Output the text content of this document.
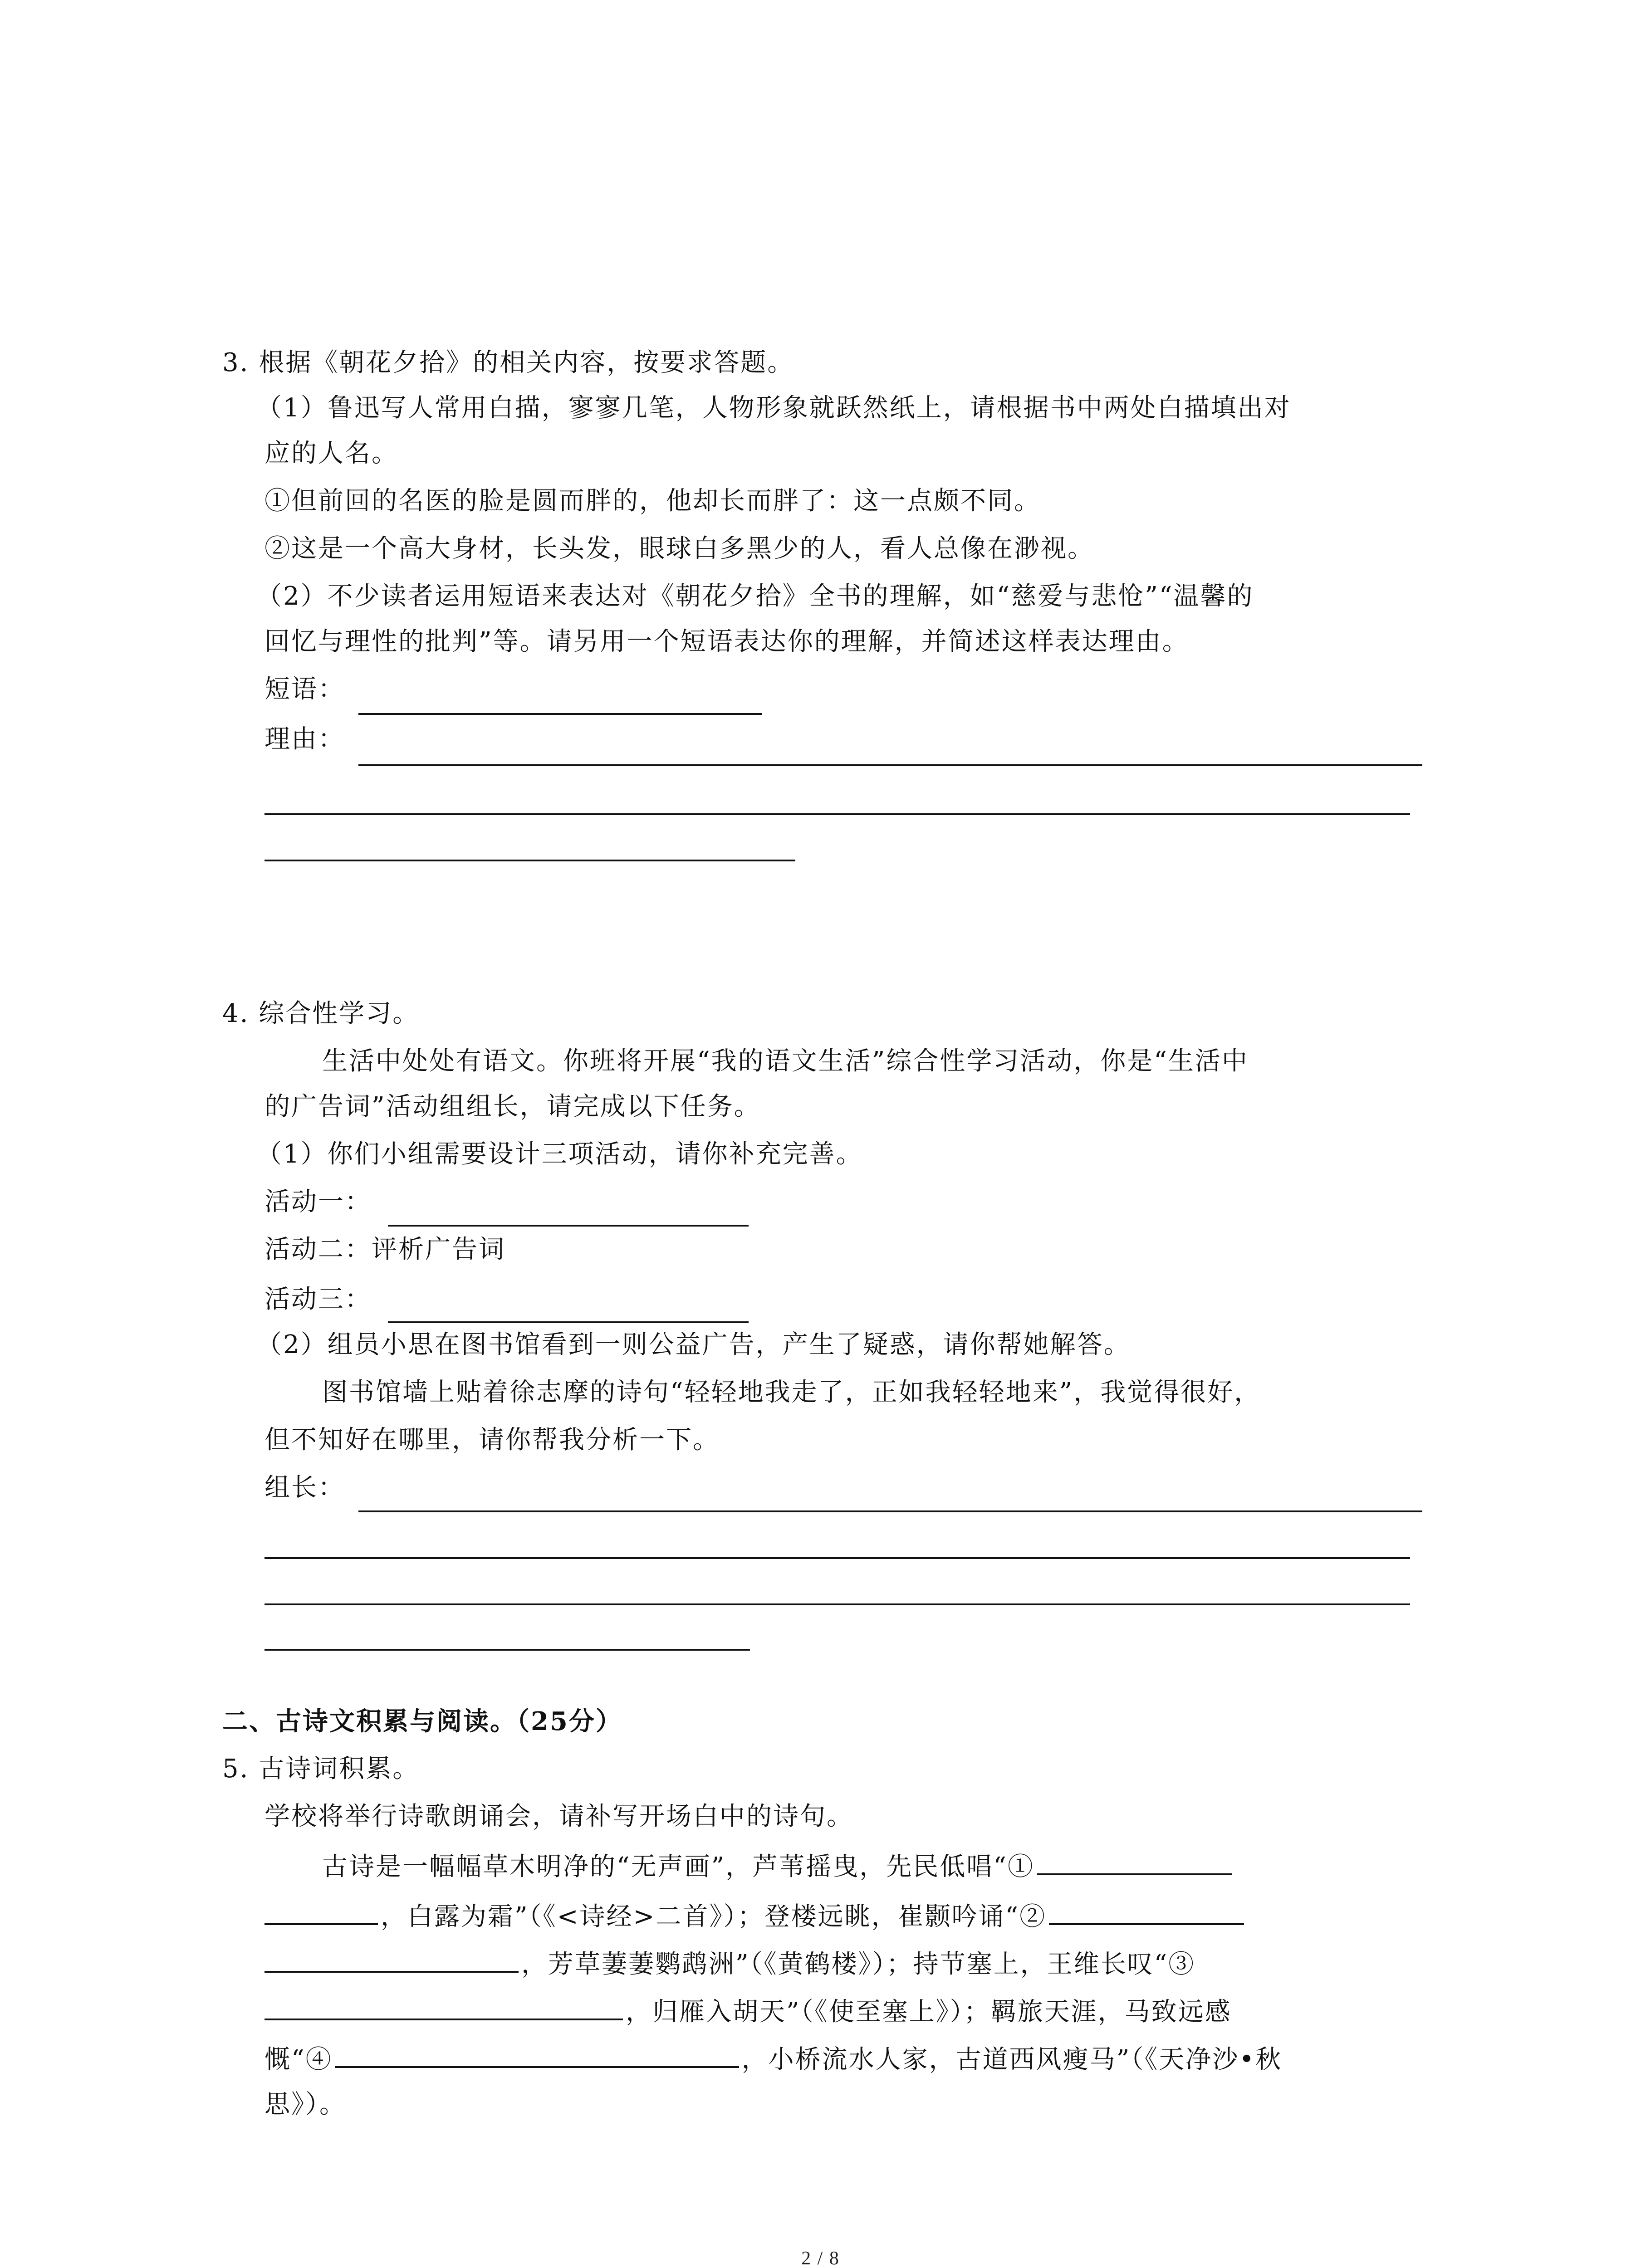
3. 根据《朝花夕拾》的相关内容，按要求答题。
（1）鲁迅写人常用白描，寥寥几笔，人物形象就跃然纸上，请根据书中两处白描填出对
应的人名。
①但前回的名医的脸是圆而胖的，他却长而胖了：这一点颇不同。
②这是一个高大身材，长头发，眼球白多黑少的人，看人总像在渺视。
（2）不少读者运用短语来表达对《朝花夕拾》全书的理解，如“慈爱与悲怆”“温馨的
回忆与理性的批判”等。请另用一个短语表达你的理解，并简述这样表达理由。
短语：
理由：
4. 综合性学习。
生活中处处有语文。你班将开展“我的语文生活”综合性学习活动，你是“生活中
的广告词”活动组组长，请完成以下任务。
（1）你们小组需要设计三项活动，请你补充完善。
活动一：
活动二：评析广告词
活动三：
（2）组员小思在图书馆看到一则公益广告，产生了疑惑，请你帮她解答。
图书馆墙上贴着徐志摩的诗句“轻轻地我走了，正如我轻轻地来”，我觉得很好，
但不知好在哪里，请你帮我分析一下。
组长：
二、古诗文积累与阅读。（25分）
5. 古诗词积累。
学校将举行诗歌朗诵会，请补写开场白中的诗句。
古诗是一幅幅草木明净的“无声画”，芦苇摇曳，先民低唱“①
，白露为霜”（《<诗经>二首》）；登楼远眺，崔颢吟诵“②
，芳草萋萋鹦鹉洲”（《黄鹤楼》）；持节塞上，王维长叹“③
，归雁入胡天”（《使至塞上》）；羁旅天涯，马致远感
慨“④	，小桥流水人家，古道西风瘦马”（《天净沙•秋
思》）。
2 / 8
